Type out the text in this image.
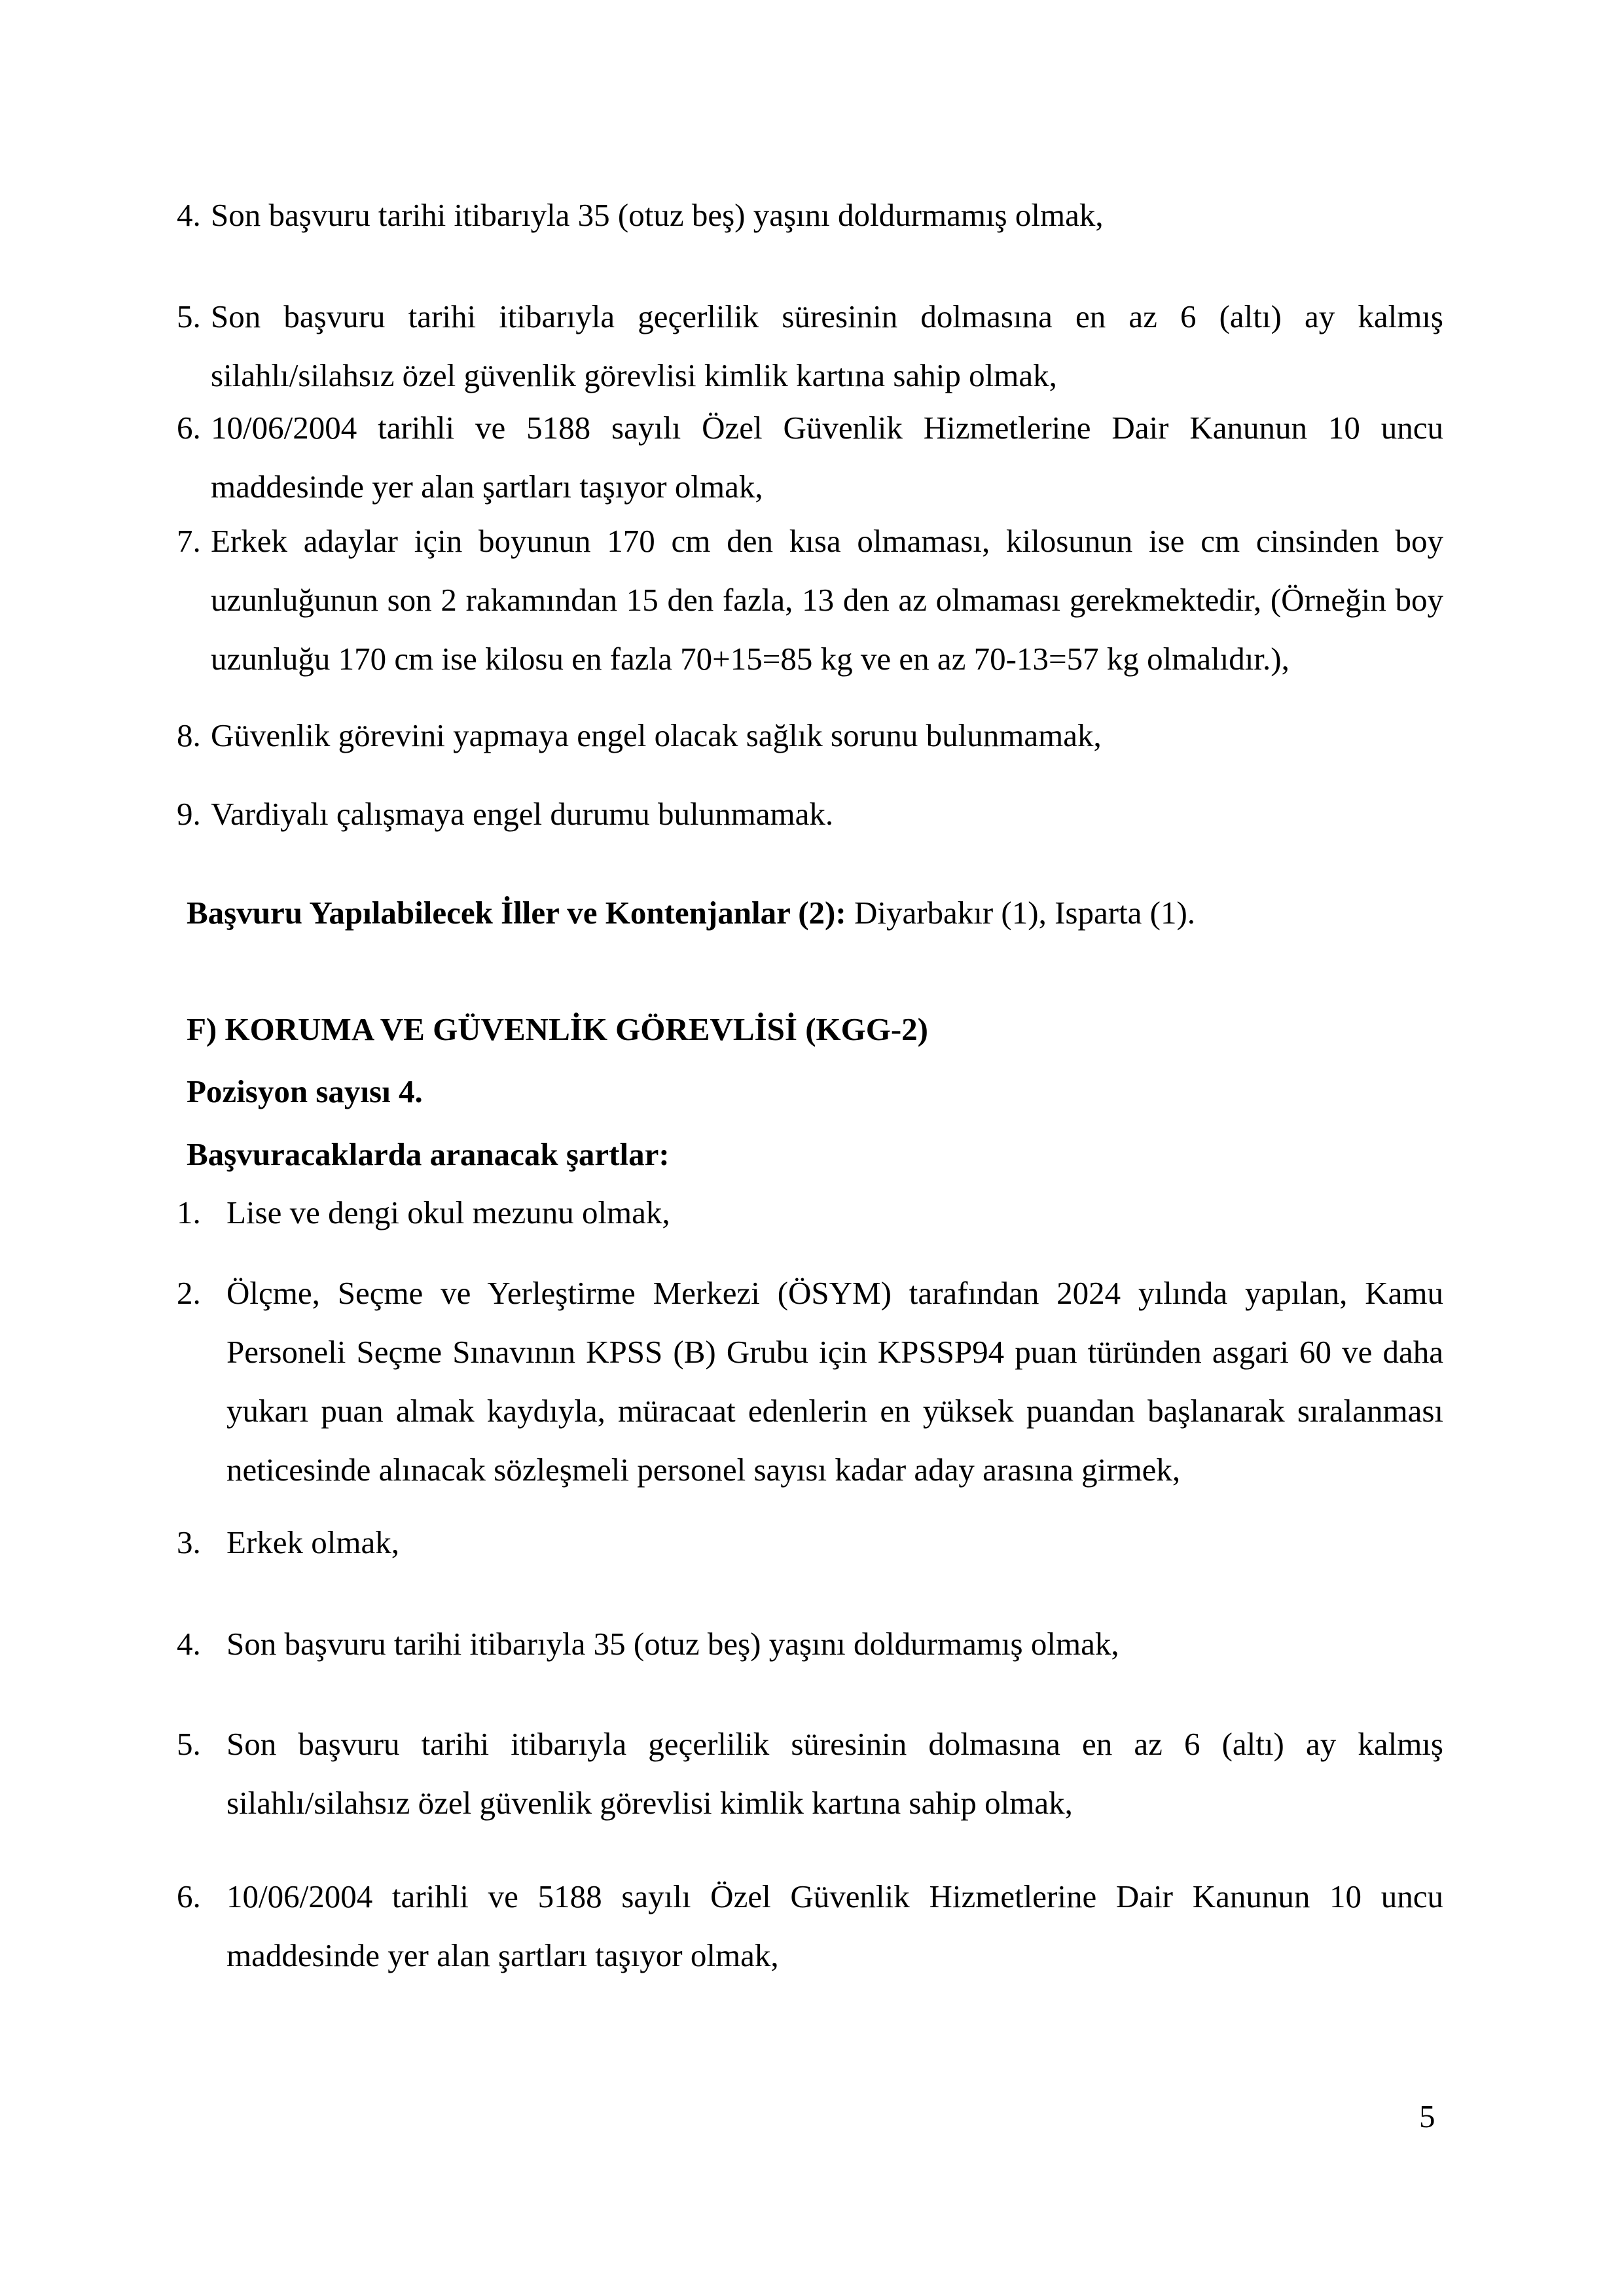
4. Son başvuru tarihi itibarıyla 35 (otuz beş) yaşını doldurmamış olmak,
5. Son başvuru tarihi itibarıyla geçerlilik süresinin dolmasına en az 6 (altı) ay kalmış silahlı/silahsız özel güvenlik görevlisi kimlik kartına sahip olmak,
6. 10/06/2004 tarihli ve 5188 sayılı Özel Güvenlik Hizmetlerine Dair Kanunun 10 uncu maddesinde yer alan şartları taşıyor olmak,
7. Erkek adaylar için boyunun 170 cm den kısa olmaması, kilosunun ise cm cinsinden boy uzunluğunun son 2 rakamından 15 den fazla, 13 den az olmaması gerekmektedir, (Örneğin boy uzunluğu 170 cm ise kilosu en fazla 70+15=85 kg ve en az 70-13=57 kg olmalıdır.),
8. Güvenlik görevini yapmaya engel olacak sağlık sorunu bulunmamak,
9. Vardiyalı çalışmaya engel durumu bulunmamak.
Başvuru Yapılabilecek İller ve Kontenjanlar (2): Diyarbakır (1), Isparta (1).
F) KORUMA VE GÜVENLİK GÖREVLİSİ (KGG-2)
Pozisyon sayısı 4.
Başvuracaklarda aranacak şartlar:
1. Lise ve dengi okul mezunu olmak,
2. Ölçme, Seçme ve Yerleştirme Merkezi (ÖSYM) tarafından 2024 yılında yapılan, Kamu Personeli Seçme Sınavının KPSS (B) Grubu için KPSSP94 puan türünden asgari 60 ve daha yukarı puan almak kaydıyla, müracaat edenlerin en yüksek puandan başlanarak sıralanması neticesinde alınacak sözleşmeli personel sayısı kadar aday arasına girmek,
3. Erkek olmak,
4. Son başvuru tarihi itibarıyla 35 (otuz beş) yaşını doldurmamış olmak,
5. Son başvuru tarihi itibarıyla geçerlilik süresinin dolmasına en az 6 (altı) ay kalmış silahlı/silahsız özel güvenlik görevlisi kimlik kartına sahip olmak,
6. 10/06/2004 tarihli ve 5188 sayılı Özel Güvenlik Hizmetlerine Dair Kanunun 10 uncu maddesinde yer alan şartları taşıyor olmak,
5
